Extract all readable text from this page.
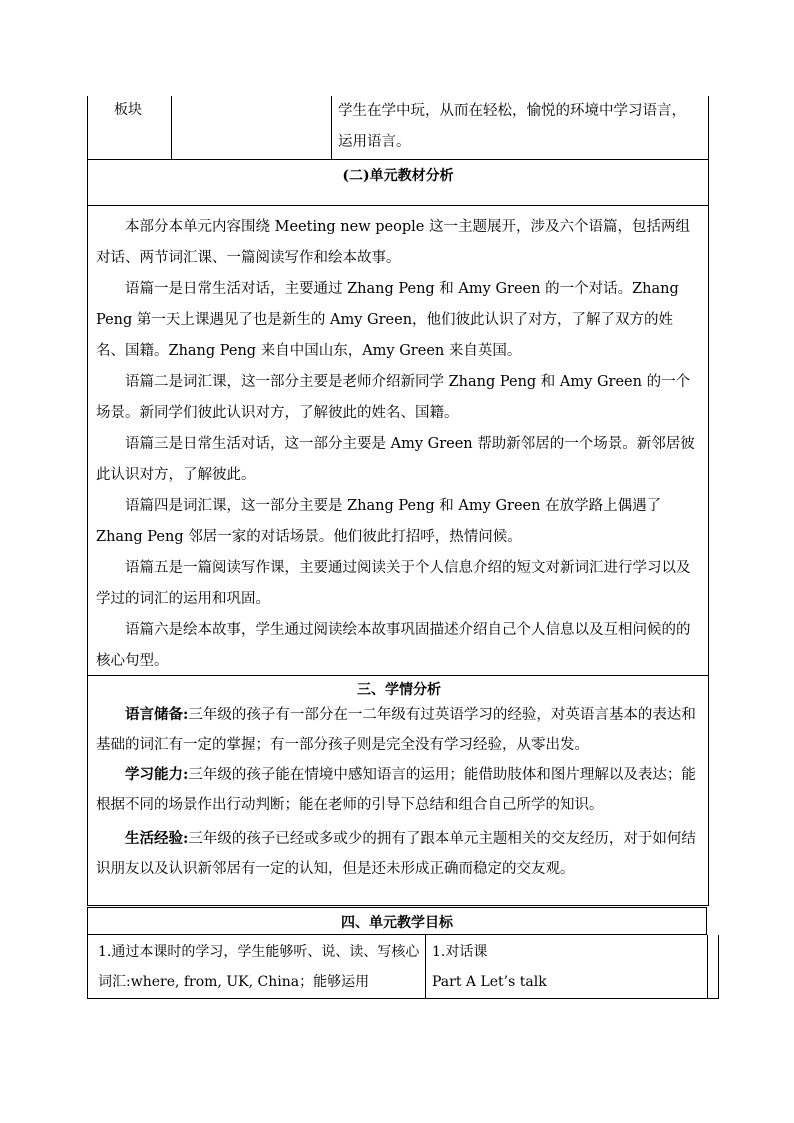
板块	学生在学中玩，从而在轻松，愉悦的环境中学习语言，运用语言。
(二)单元教材分析

本部分本单元内容围绕 Meeting new people 这一主题展开，涉及六个语篇，包括两组对话、两节词汇课、一篇阅读写作和绘本故事。

语篇一是日常生活对话，主要通过 Zhang Peng 和 Amy Green 的一个对话。Zhang Peng 第一天上课遇见了也是新生的 Amy Green，他们彼此认识了对方，了解了双方的姓名、国籍。Zhang Peng 来自中国山东，Amy Green 来自英国。

语篇二是词汇课，这一部分主要是老师介绍新同学 Zhang Peng 和 Amy Green 的一个场景。新同学们彼此认识对方，了解彼此的姓名、国籍。

语篇三是日常生活对话，这一部分主要是 Amy Green 帮助新邻居的一个场景。新邻居彼此认识对方，了解彼此。

语篇四是词汇课，这一部分主要是 Zhang Peng 和 Amy Green 在放学路上偶遇了 Zhang Peng 邻居一家的对话场景。他们彼此打招呼，热情问候。

语篇五是一篇阅读写作课，主要通过阅读关于个人信息介绍的短文对新词汇进行学习以及学过的词汇的运用和巩固。

语篇六是绘本故事，学生通过阅读绘本故事巩固描述介绍自己个人信息以及互相问候的的核心句型。

三、学情分析

语言储备:三年级的孩子有一部分在一二年级有过英语学习的经验，对英语言基本的表达和基础的词汇有一定的掌握；有一部分孩子则是完全没有学习经验，从零出发。

学习能力:三年级的孩子能在情境中感知语言的运用；能借助肢体和图片理解以及表达；能根据不同的场景作出行动判断；能在老师的引导下总结和组合自己所学的知识。

生活经验:三年级的孩子已经或多或少的拥有了跟本单元主题相关的交友经历，对于如何结识朋友以及认识新邻居有一定的认知，但是还未形成正确而稳定的交友观。

四、单元教学目标
1.通过本课时的学习，学生能够听、说、读、写核心词汇:where, from, UK, China；能够运用
1.对话课
Part A Let’s talk
